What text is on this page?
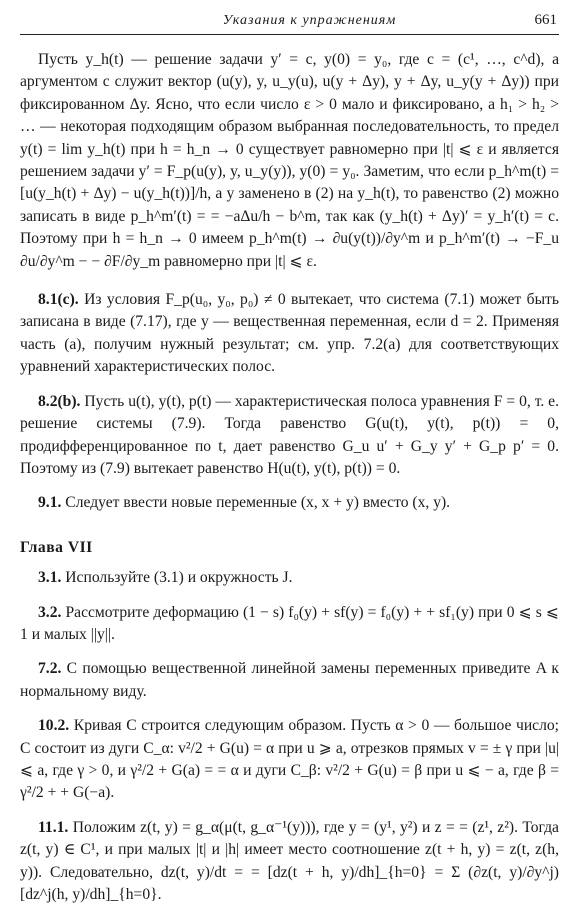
Указания к упражнениям	661

Пусть y_h(t) — решение задачи y′ = c, y(0) = y₀, где c = (c¹, …, c^d), а аргументом c служит вектор (u(y), y, u_y(u), u(y + Δy), y + Δy, u_y(y + Δy)) при фиксированном Δy. Ясно, что если число ε > 0 мало и фиксировано, а h₁ > h₂ > … — некоторая подходящим образом выбранная последовательность, то предел y(t) = lim y_h(t) при h = h_n → 0 существует равномерно при |t| ⩽ ε и является решением задачи y′ = F_p(u(y), y, u_y(y)), y(0) = y₀. Заметим, что если p_h^m(t) = [u(y_h(t) + Δy) − u(y_h(t))]/h, а y заменено в (2) на y_h(t), то равенство (2) можно записать в виде p_h^m′(t) = = −aΔu/h − b^m, так как (y_h(t) + Δy)′ = y_h′(t) = c. Поэтому при h = h_n → 0 имеем p_h^m(t) → ∂u(y(t))/∂y^m и p_h^m′(t) → −F_u ∂u/∂y^m − − ∂F/∂y_m равномерно при |t| ⩽ ε.

8.1(c). Из условия F_p(u₀, y₀, p₀) ≠ 0 вытекает, что система (7.1) может быть записана в виде (7.17), где y — вещественная переменная, если d = 2. Применяя часть (a), получим нужный результат; см. упр. 7.2(a) для соответствующих уравнений характеристических полос.

8.2(b). Пусть u(t), y(t), p(t) — характеристическая полоса уравнения F = 0, т. е. решение системы (7.9). Тогда равенство G(u(t), y(t), p(t)) = 0, продифференцированное по t, дает равенство G_u u′ + G_y y′ + G_p p′ = 0. Поэтому из (7.9) вытекает равенство H(u(t), y(t), p(t)) = 0.

9.1. Следует ввести новые переменные (x, x + y) вместо (x, y).

Глава VII

3.1. Используйте (3.1) и окружность J.

3.2. Рассмотрите деформацию (1 − s) f₀(y) + sf(y) = f₀(y) + + sf₁(y) при 0 ⩽ s ⩽ 1 и малых ||y||.

7.2. С помощью вещественной линейной замены переменных приведите A к нормальному виду.

10.2. Кривая C строится следующим образом. Пусть α > 0 — большое число; C состоит из дуги C_α: v²/2 + G(u) = α при u ⩾ a, отрезков прямых v = ± γ при |u| ⩽ a, где γ > 0, и γ²/2 + G(a) = = α и дуги C_β: v²/2 + G(u) = β при u ⩽ − a, где β = γ²/2 + + G(−a).

11.1. Положим z(t, y) = g_α(μ(t, g_α⁻¹(y))), где y = (y¹, y²) и z = = (z¹, z²). Тогда z(t, y) ∈ C¹, и при малых |t| и |h| имеет место соотношение z(t + h, y) = z(t, z(h, y)). Следовательно, dz(t, y)/dt = = [dz(t + h, y)/dh]_{h=0} = Σ (∂z(t, y)/∂y^j) [dz^j(h, y)/dh]_{h=0}.
